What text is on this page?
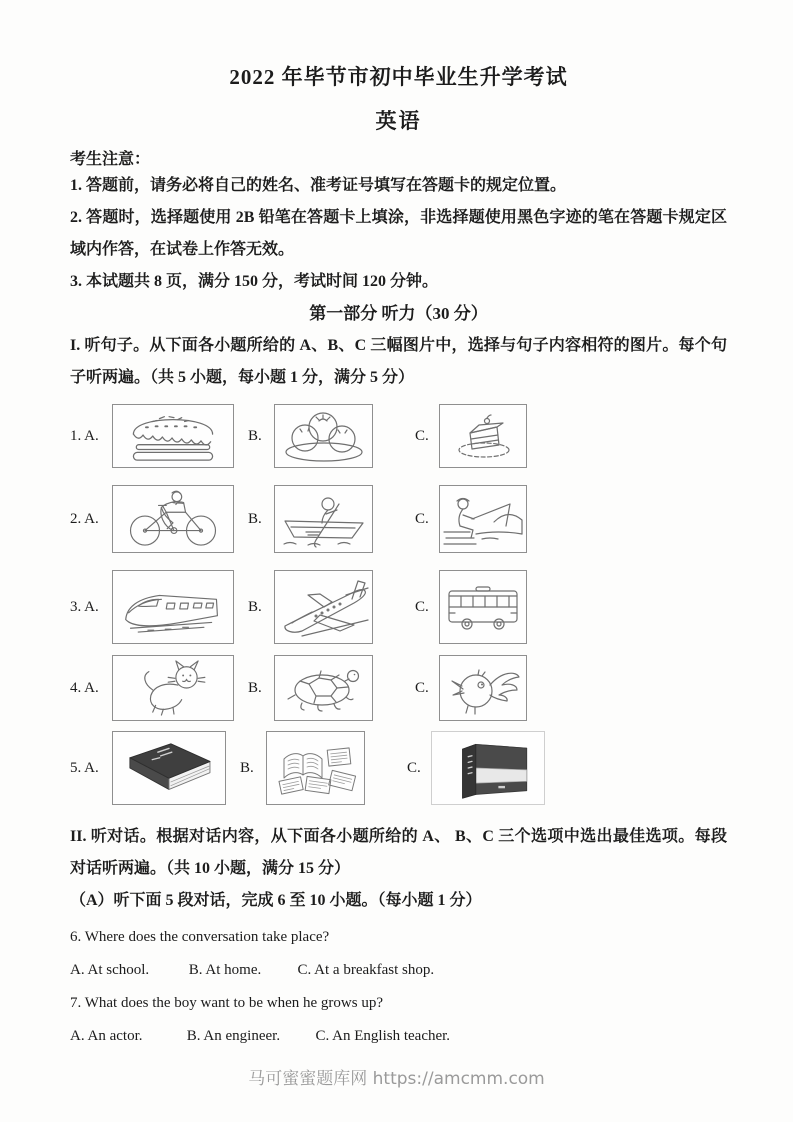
2022 年毕节市初中毕业生升学考试
英语

考生注意：

1. 答题前，请务必将自己的姓名、准考证号填写在答题卡的规定位置。

2. 答题时，选择题使用 2B 铅笔在答题卡上填涂，非选择题使用黑色字迹的笔在答题卡规定区域内作答，在试卷上作答无效。

3. 本试题共 8 页，满分 150 分，考试时间 120 分钟。

第一部分 听力（30 分）

I. 听句子。从下面各小题所给的 A、B、C 三幅图片中，选择与句子内容相符的图片。每个句子听两遍。（共 5 小题，每小题 1 分，满分 5 分）

1. A.	B.	C.
2. A.	B.	C.
3. A.	B.	C.
4. A.	B.	C.
5. A.	B.	C.

II. 听对话。根据对话内容，从下面各小题所给的 A、 B、C 三个选项中选出最佳选项。每段对话听两遍。（共 10 小题，满分 15 分）

（A）听下面 5 段对话，完成 6 至 10 小题。（每小题 1 分）

6. Where does the conversation take place?

A. At school.	B. At home. C. At a breakfast shop.

7. What does the boy want to be when he grows up?

A. An actor.	B. An engineer. C. An English teacher.

马可蜜蜜题库网 https://amcmm.com
